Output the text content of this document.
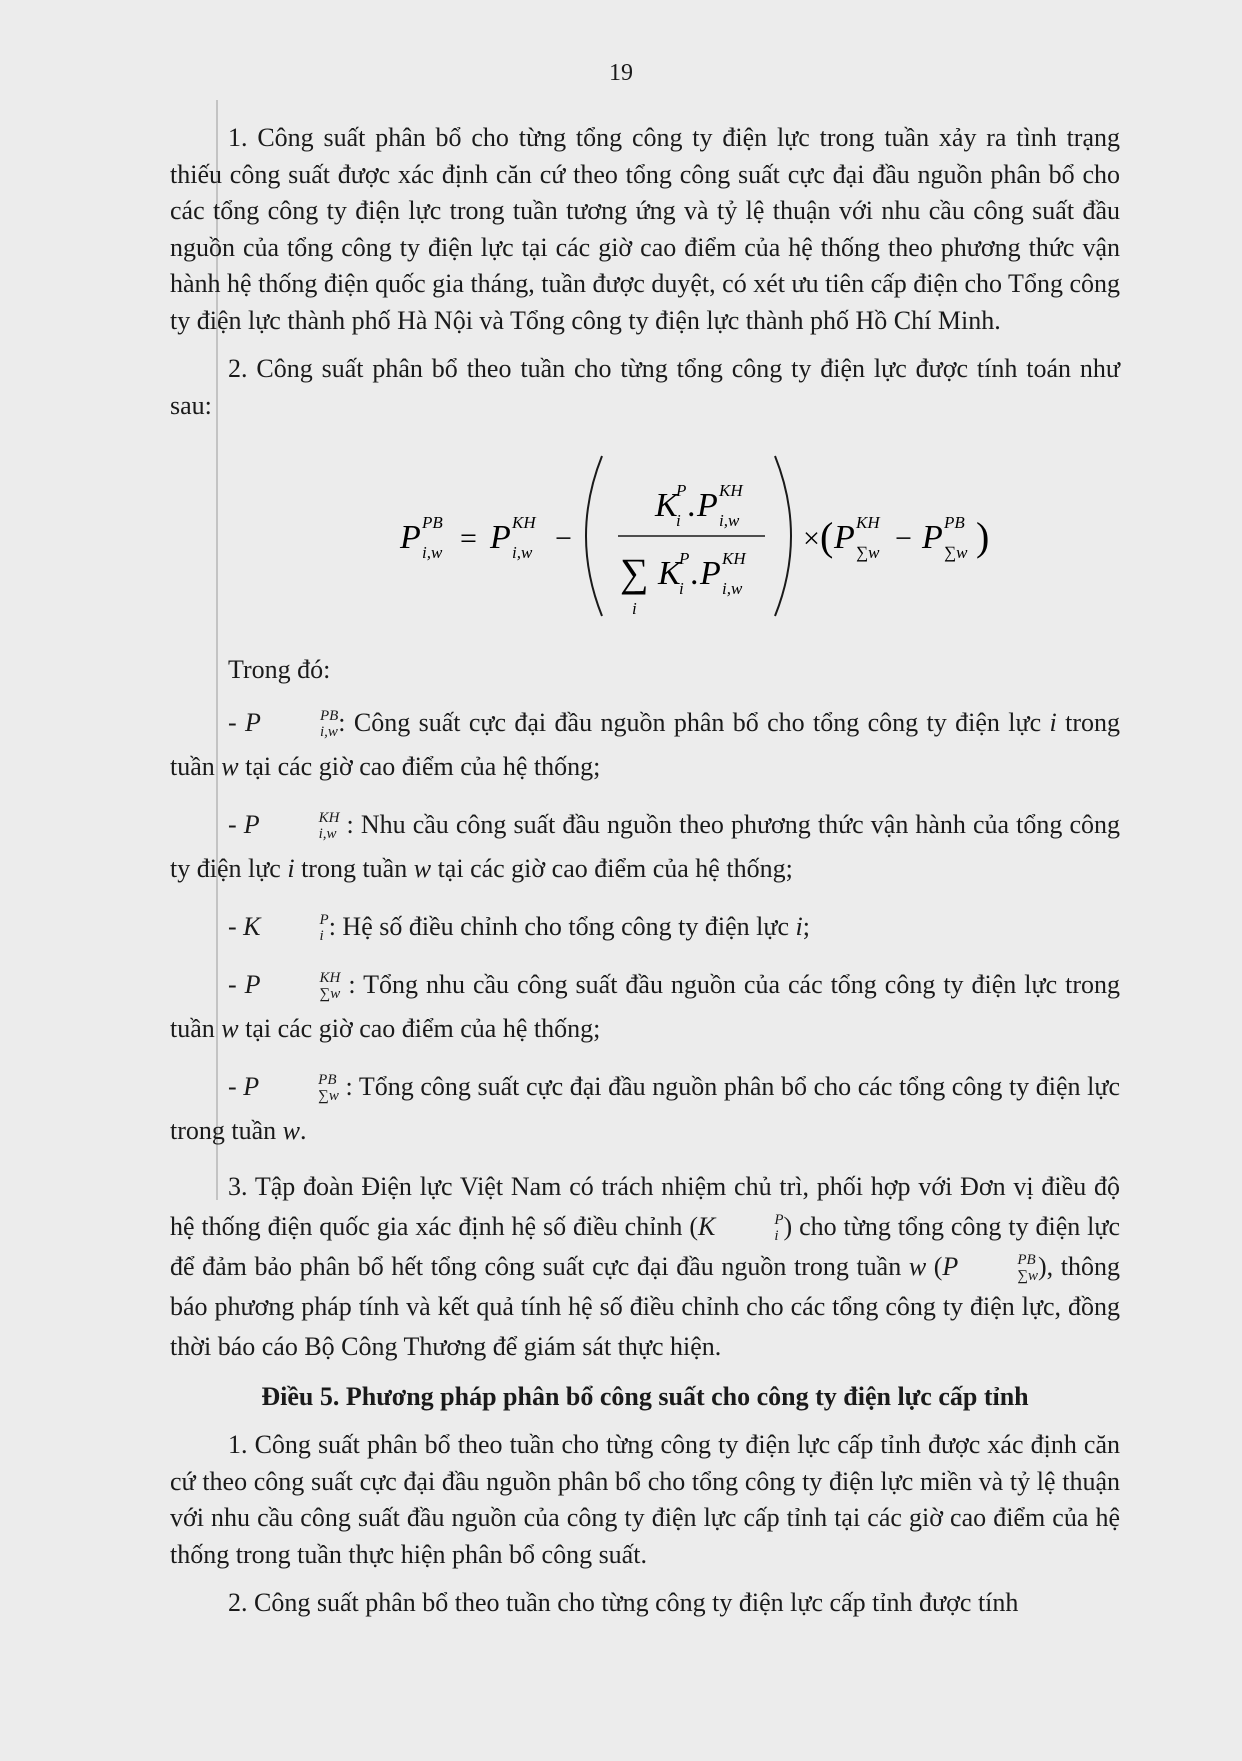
19

1. Công suất phân bổ cho từng tổng công ty điện lực trong tuần xảy ra tình trạng thiếu công suất được xác định căn cứ theo tổng công suất cực đại đầu nguồn phân bổ cho các tổng công ty điện lực trong tuần tương ứng và tỷ lệ thuận với nhu cầu công suất đầu nguồn của tổng công ty điện lực tại các giờ cao điểm của hệ thống theo phương thức vận hành hệ thống điện quốc gia tháng, tuần được duyệt, có xét ưu tiên cấp điện cho Tổng công ty điện lực thành phố Hà Nội và Tổng công ty điện lực thành phố Hồ Chí Minh.

2. Công suất phân bổ theo tuần cho từng tổng công ty điện lực được tính toán như sau:

P PB
i,w = P KH
i,w −
K
P
i . P KH
i,w
∑
i
K
P
i . P KH
i,w
× ( P KH
∑w − P PB
∑w )

Trong đó:

- P	PB
i,w : Công suất cực đại đầu nguồn phân bổ cho tổng công ty điện lực i trong tuần w tại các giờ cao điểm của hệ thống;

- P	KH
i,w : Nhu cầu công suất đầu nguồn theo phương thức vận hành của tổng công ty điện lực i trong tuần w tại các giờ cao điểm của hệ thống;

- K	P
i : Hệ số điều chỉnh cho tổng công ty điện lực i;

- P	KH
∑w : Tổng nhu cầu công suất đầu nguồn của các tổng công ty điện lực trong tuần w tại các giờ cao điểm của hệ thống;

- P	PB
∑w : Tổng công suất cực đại đầu nguồn phân bổ cho các tổng công ty điện lực trong tuần w.

3. Tập đoàn Điện lực Việt Nam có trách nhiệm chủ trì, phối hợp với Đơn vị điều độ hệ thống điện quốc gia xác định hệ số điều chỉnh (K	P
i ) cho từng tổng công ty điện lực để đảm bảo phân bổ hết tổng công suất cực đại đầu nguồn trong tuần w (P	PB
∑w ), thông báo phương pháp tính và kết quả tính hệ số điều chỉnh cho các tổng công ty điện lực, đồng thời báo cáo Bộ Công Thương để giám sát thực hiện.

Điều 5. Phương pháp phân bổ công suất cho công ty điện lực cấp tỉnh

1. Công suất phân bổ theo tuần cho từng công ty điện lực cấp tỉnh được xác định căn cứ theo công suất cực đại đầu nguồn phân bổ cho tổng công ty điện lực miền và tỷ lệ thuận với nhu cầu công suất đầu nguồn của công ty điện lực cấp tỉnh tại các giờ cao điểm của hệ thống trong tuần thực hiện phân bổ công suất.

2. Công suất phân bổ theo tuần cho từng công ty điện lực cấp tỉnh được tính
